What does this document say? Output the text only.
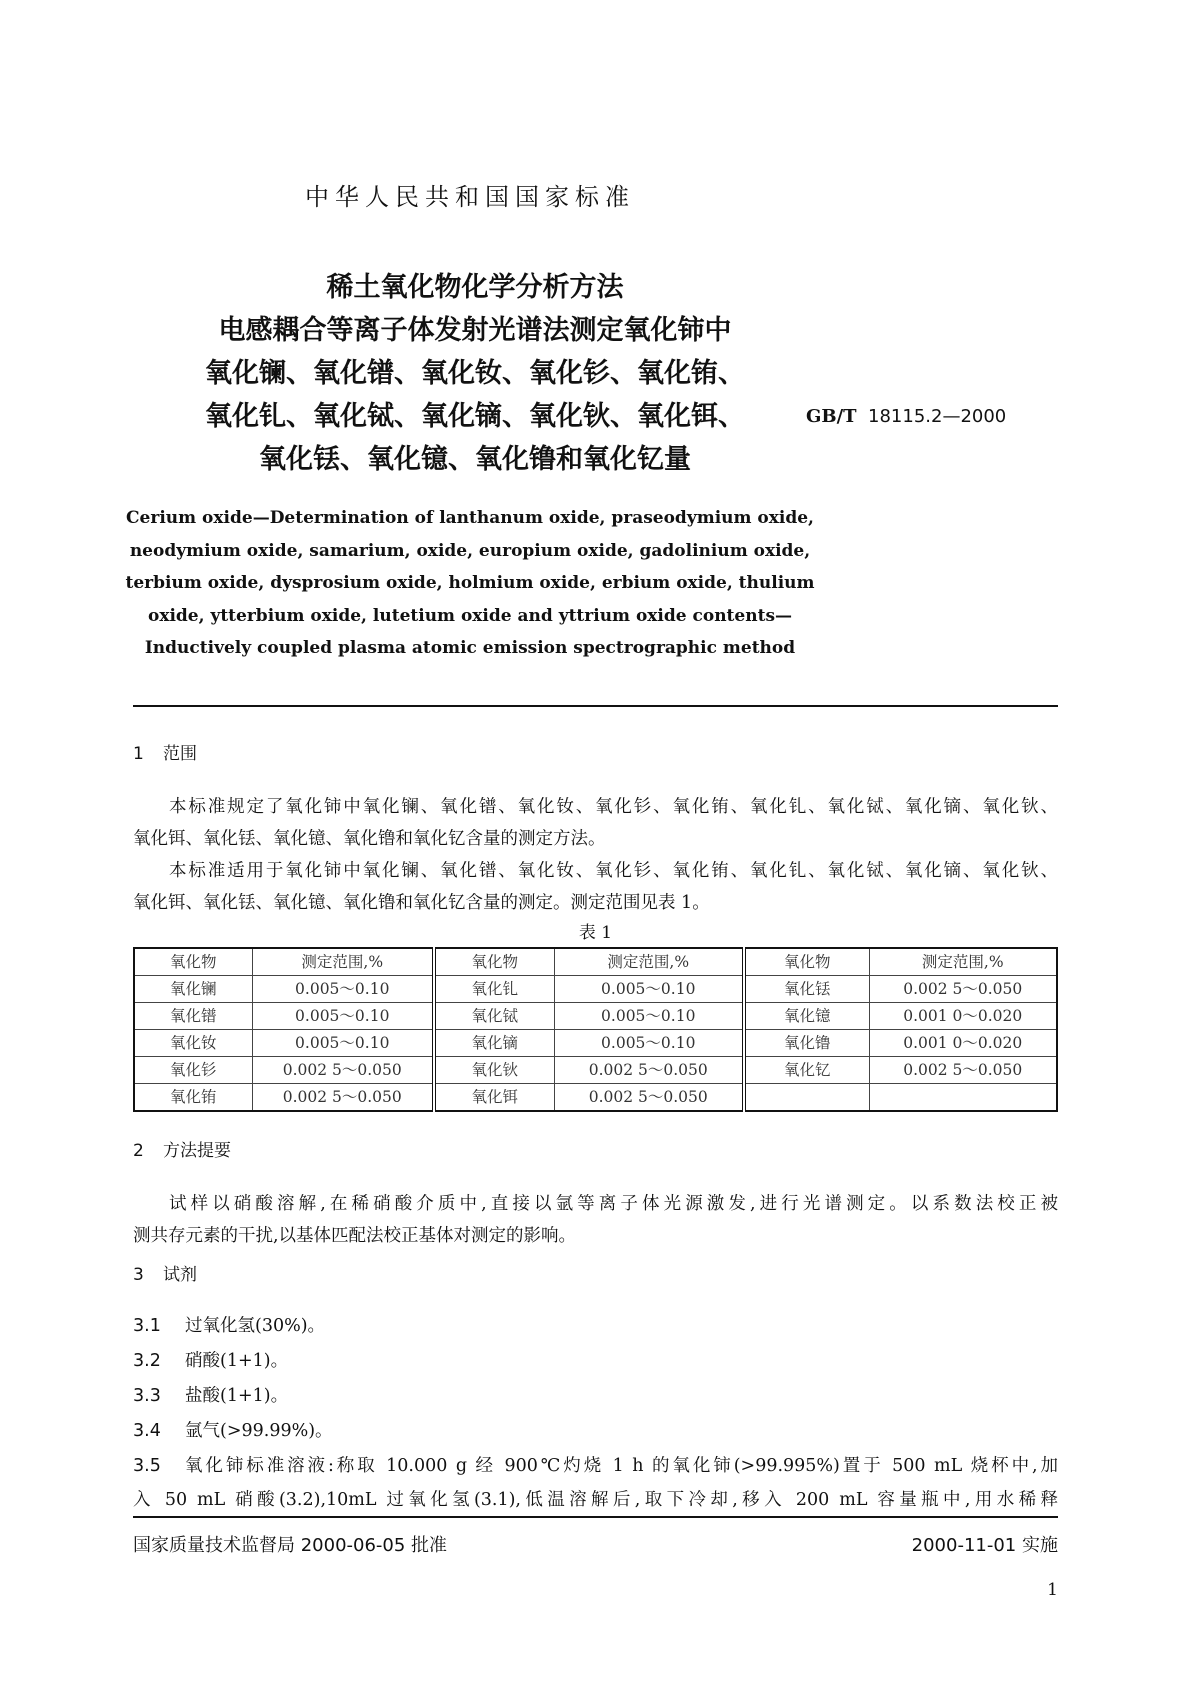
中华人民共和国国家标准
稀土氧化物化学分析方法
电感耦合等离子体发射光谱法测定氧化铈中
氧化镧、氧化镨、氧化钕、氧化钐、氧化铕、
氧化钆、氧化铽、氧化镝、氧化钬、氧化铒、	GB/T 18115.2—2000
氧化铥、氧化镱、氧化镥和氧化钇量
Cerium oxide—Determination of lanthanum oxide, praseodymium oxide,
neodymium oxide, samarium, oxide, europium oxide, gadolinium oxide,
terbium oxide, dysprosium oxide, holmium oxide, erbium oxide, thulium
oxide, ytterbium oxide, lutetium oxide and yttrium oxide contents—
Inductively coupled plasma atomic emission spectrographic method
1 范围
本标准规定了氧化铈中氧化镧、氧化镨、氧化钕、氧化钐、氧化铕、氧化钆、氧化铽、氧化镝、氧化钬、
氧化铒、氧化铥、氧化镱、氧化镥和氧化钇含量的测定方法。
本标准适用于氧化铈中氧化镧、氧化镨、氧化钕、氧化钐、氧化铕、氧化钆、氧化铽、氧化镝、氧化钬、
氧化铒、氧化铥、氧化镱、氧化镥和氧化钇含量的测定。测定范围见表 1。
表 1
氧化物	测定范围,%	氧化物	测定范围,%	氧化物	测定范围,%
氧化镧	0.005～0.10	氧化钆	0.005～0.10	氧化铥	0.002 5～0.050
氧化镨	0.005～0.10	氧化铽	0.005～0.10	氧化镱	0.001 0～0.020
氧化钕	0.005～0.10	氧化镝	0.005～0.10	氧化镥	0.001 0～0.020
氧化钐	0.002 5～0.050	氧化钬	0.002 5～0.050	氧化钇	0.002 5～0.050
氧化铕	0.002 5～0.050	氧化铒	0.002 5～0.050		
2 方法提要
试样以硝酸溶解,在稀硝酸介质中,直接以氩等离子体光源激发,进行光谱测定。以系数法校正被
测共存元素的干扰,以基体匹配法校正基体对测定的影响。
3 试剂
3.1	过氧化氢(30%)。
3.2	硝酸(1+1)。
3.3	盐酸(1+1)。
3.4	氩气(>99.99%)。
3.5	氧化铈标准溶液:称取 10.000 g 经 900℃灼烧 1 h 的氧化铈(>99.995%)置于 500 mL 烧杯中,加
入 50 mL 硝酸(3.2),10mL 过氧化氢(3.1),低温溶解后,取下冷却,移入 200 mL 容量瓶中,用水稀释
国家质量技术监督局 2000-06-05 批准	2000-11-01 实施
1
